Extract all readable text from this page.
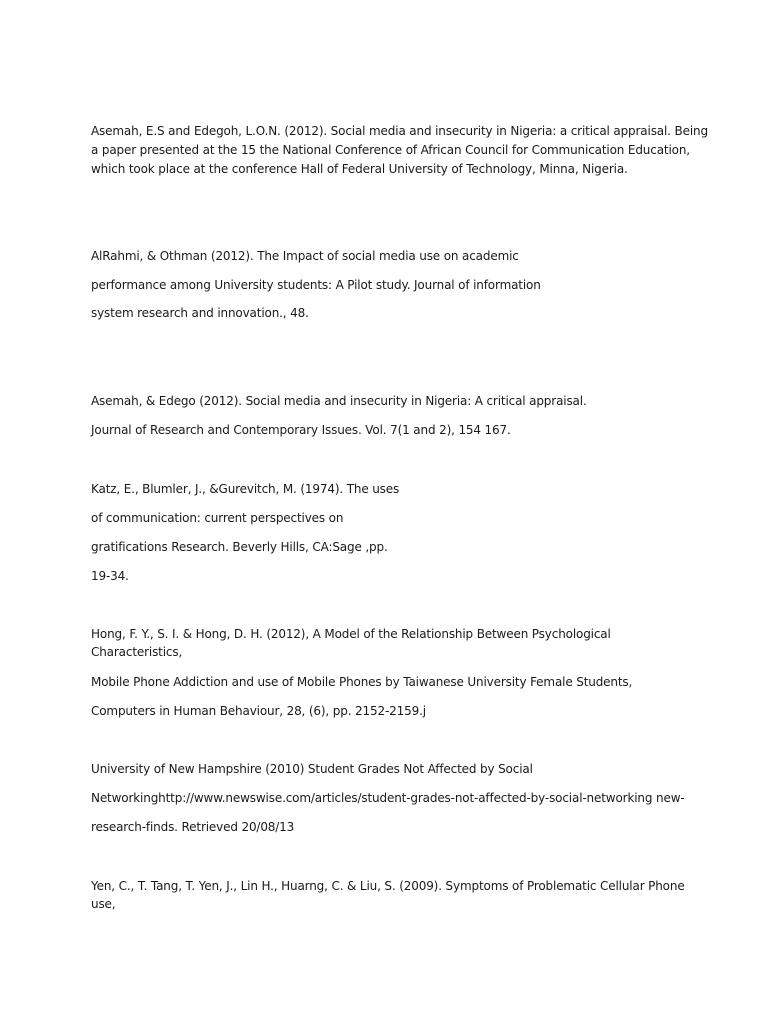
Asemah, E.S and Edegoh, L.O.N. (2012). Social media and insecurity in Nigeria: a critical appraisal. Being
a paper presented at the 15 the National Conference of African Council for Communication Education,
which took place at the conference Hall of Federal University of Technology, Minna, Nigeria.
AlRahmi, & Othman (2012). The Impact of social media use on academic
performance among University students: A Pilot study. Journal of information
system research and innovation., 48.
Asemah, & Edego (2012). Social media and insecurity in Nigeria: A critical appraisal.
Journal of Research and Contemporary Issues. Vol. 7(1 and 2), 154 167.
Katz, E., Blumler, J., &Gurevitch, M. (1974). The uses
of communication: current perspectives on
gratifications Research. Beverly Hills, CA:Sage ,pp.
19-34.
Hong, F. Y., S. I. & Hong, D. H. (2012), A Model of the Relationship Between Psychological
Characteristics,
Mobile Phone Addiction and use of Mobile Phones by Taiwanese University Female Students,
Computers in Human Behaviour, 28, (6), pp. 2152-2159.j
University of New Hampshire (2010) Student Grades Not Affected by Social
Networkinghttp://www.newswise.com/articles/student-grades-not-affected-by-social-networking new-
research-finds. Retrieved 20/08/13
Yen, C., T. Tang, T. Yen, J., Lin H., Huarng, C. & Liu, S. (2009). Symptoms of Problematic Cellular Phone
use,
